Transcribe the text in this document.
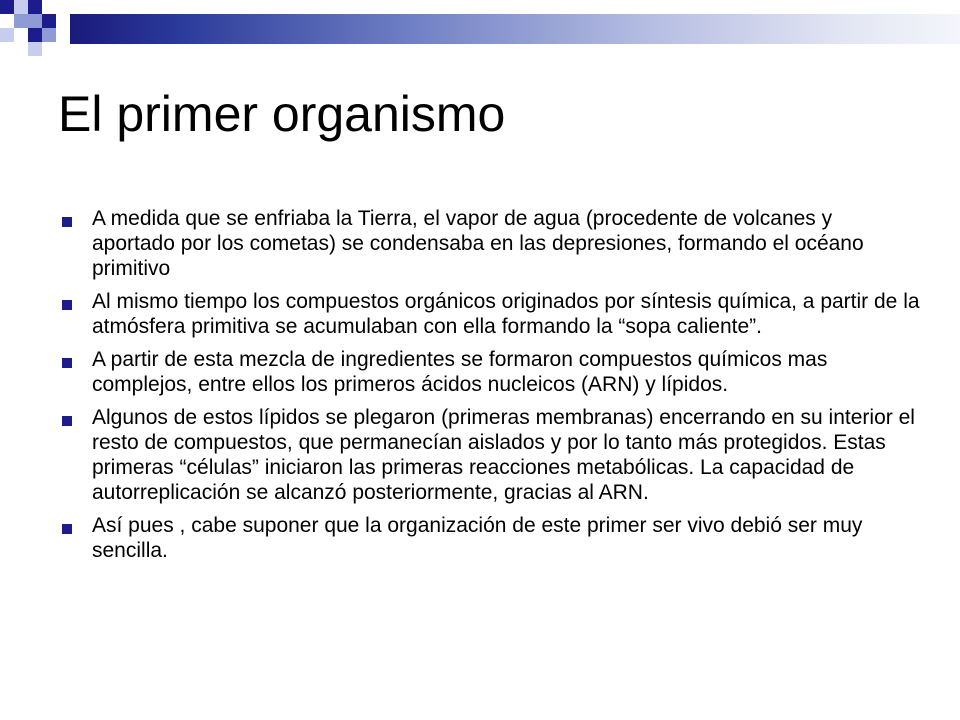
El primer organismo
A medida que se enfriaba la Tierra, el vapor de agua (procedente de volcanes y aportado por los cometas) se condensaba en las depresiones, formando el océano primitivo
Al mismo tiempo los compuestos orgánicos originados por síntesis química, a partir de la atmósfera primitiva se acumulaban con ella formando la “sopa caliente”.
A partir de esta mezcla de ingredientes se formaron compuestos químicos mas complejos, entre ellos los primeros ácidos nucleicos (ARN) y lípidos.
Algunos de estos lípidos se plegaron (primeras membranas) encerrando en su interior el resto de compuestos, que permanecían aislados y por lo tanto más protegidos. Estas primeras “células” iniciaron las primeras reacciones metabólicas. La capacidad de autorreplicación se alcanzó posteriormente, gracias al ARN.
Así pues , cabe suponer que la organización de este primer ser vivo debió ser muy sencilla.
